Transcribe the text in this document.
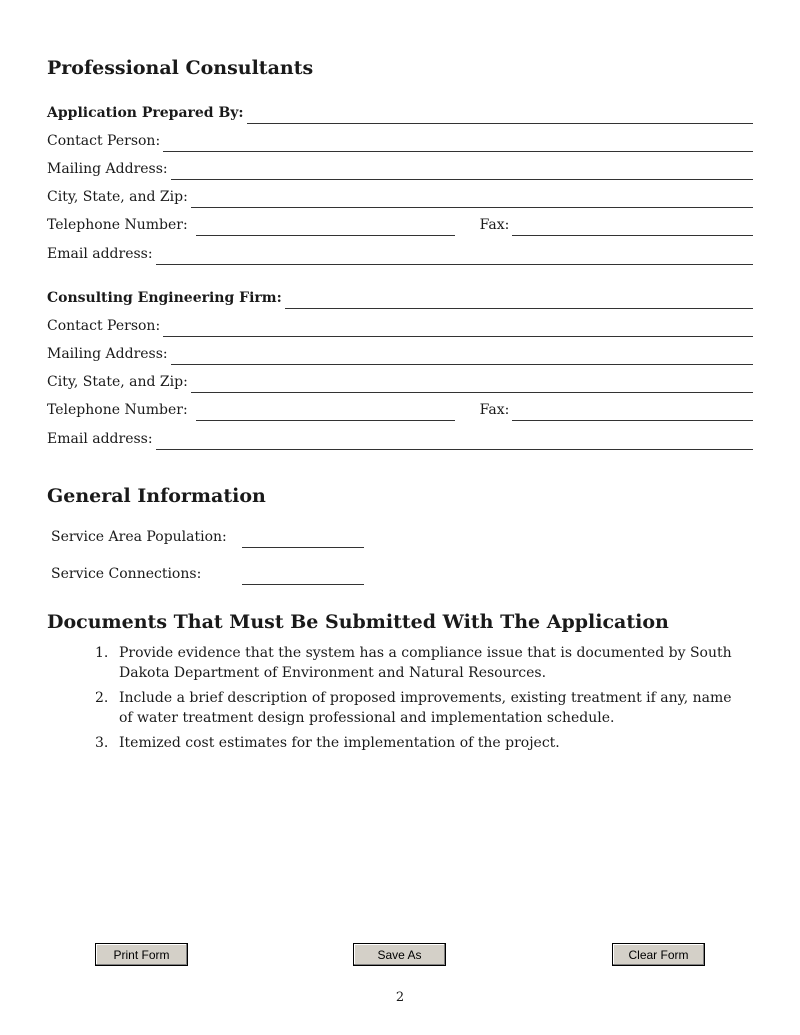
Professional Consultants
Application Prepared By:
Contact Person:
Mailing Address:
City, State, and Zip:
Telephone Number:	Fax:
Email address:
Consulting Engineering Firm:
Contact Person:
Mailing Address:
City, State, and Zip:
Telephone Number:	Fax:
Email address:
General Information
Service Area Population:
Service Connections:
Documents That Must Be Submitted With The Application
1. Provide evidence that the system has a compliance issue that is documented by South Dakota Department of Environment and Natural Resources.
2. Include a brief description of proposed improvements, existing treatment if any, name of water treatment design professional and implementation schedule.
3. Itemized cost estimates for the implementation of the project.
Print Form	Save As	Clear Form
2
